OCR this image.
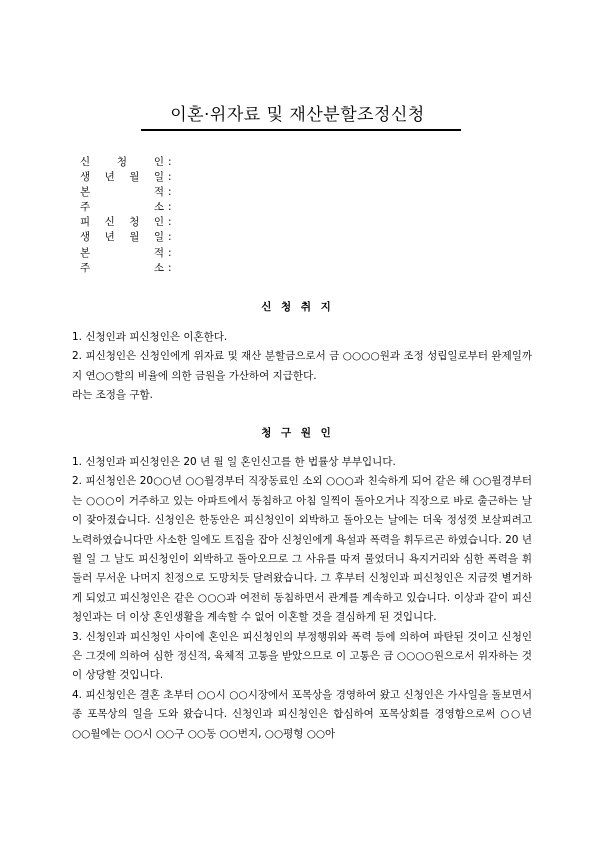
이혼·위자료 및 재산분할조정신청
신	청	인 :
생 년 월 일 :
본	적 :
주	소 :
피 신 청 인 :
생 년 월 일 :
본	적 :
주	소 :
신 청 취 지

1. 신청인과 피신청인은 이혼한다.

2. 피신청인은 신청인에게 위자료 및 재산 분할금으로서 금 ○○○○원과 조정 성립일로부터 완제일까지 연○○할의 비율에 의한 금원을 가산하여 지급한다.

라는 조정을 구함.

청 구 원 인

1. 신청인과 피신청인은 20 년 월 일 혼인신고를 한 법률상 부부입니다.

2. 피신청인은 20○○년 ○○월경부터 직장동료인 소외 ○○○과 친숙하게 되어 같은 해 ○○월경부터는 ○○○이 거주하고 있는 아파트에서 동침하고 아침 일찍이 돌아오거나 직장으로 바로 출근하는 날이 잦아졌습니다. 신청인은 한동안은 피신청인이 외박하고 돌아오는 날에는 더욱 정성껏 보살피려고 노력하였습니다만 사소한 일에도 트집을 잡아 신청인에게 욕설과 폭력을 휘두르곤 하였습니다. 20 년 월 일 그 날도 피신청인이 외박하고 돌아오므로 그 사유를 따져 물었더니 욕지거리와 심한 폭력을 휘둘러 무서운 나머지 친정으로 도망치듯 달려왔습니다. 그 후부터 신청인과 피신청인은 지금껏 별거하게 되었고 피신청인은 같은 ○○○과 여전히 동침하면서 관계를 계속하고 있습니다. 이상과 같이 피신청인과는 더 이상 혼인생활을 계속할 수 없어 이혼할 것을 결심하게 된 것입니다.

3. 신청인과 피신청인 사이에 혼인은 피신청인의 부정행위와 폭력 등에 의하여 파탄된 것이고 신청인은 그것에 의하여 심한 정신적, 육체적 고통을 받았으므로 이 고통은 금 ○○○○원으로서 위자하는 것이 상당할 것입니다.

4. 피신청인은 결혼 초부터 ○○시 ○○시장에서 포목상을 경영하여 왔고 신청인은 가사일을 돌보면서 종 포목상의 일을 도와 왔습니다. 신청인과 피신청인은 합심하여 포목상회를 경영함으로써 ○○년 ○○월에는 ○○시 ○○구 ○○동 ○○번지, ○○평형 ○○아
